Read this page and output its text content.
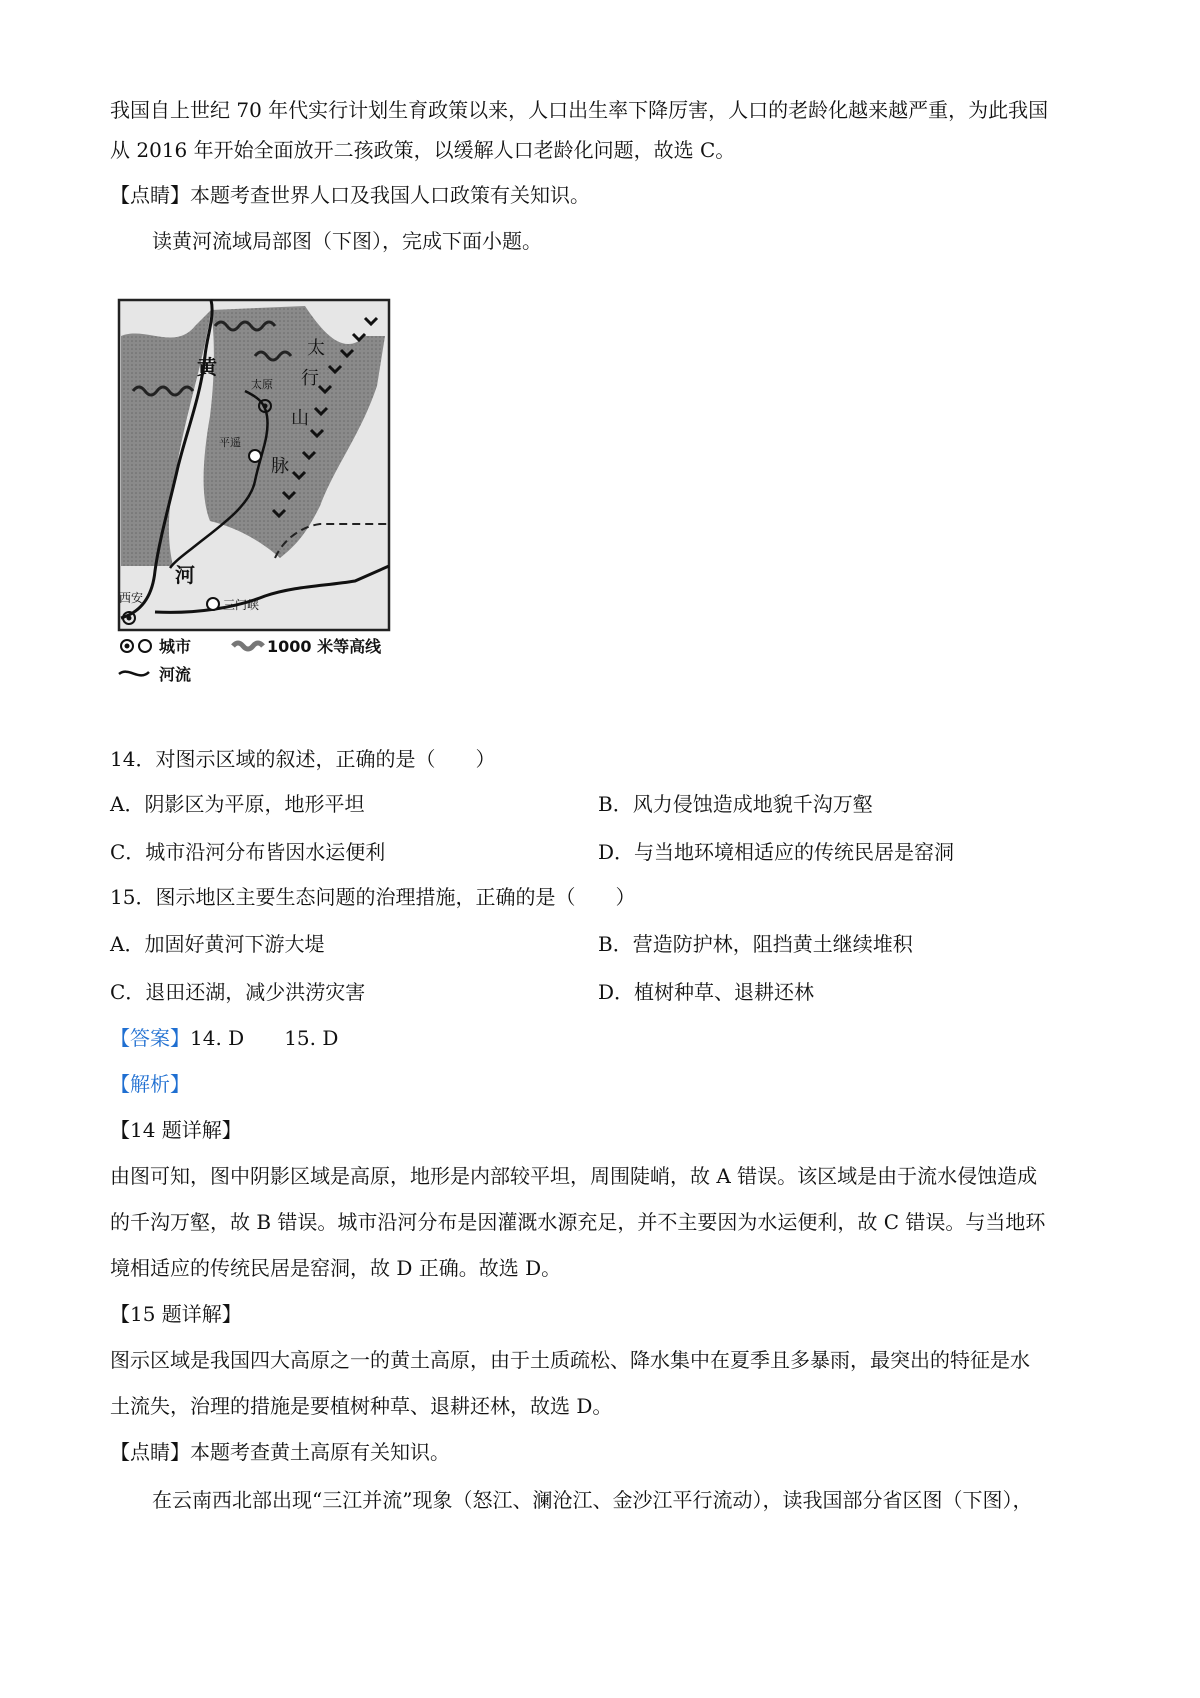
我国自上世纪 70 年代实行计划生育政策以来，人口出生率下降厉害，人口的老龄化越来越严重，为此我国
从 2016 年开始全面放开二孩政策，以缓解人口老龄化问题，故选 C。
【点睛】本题考查世界人口及我国人口政策有关知识。
读黄河流域局部图（下图），完成下面小题。
黄
河
太
行
山
脉
太原
平遥
西安	三门峡
城市	1000 米等高线
河流
14．对图示区域的叙述，正确的是（　　）
A．阴影区为平原，地形平坦	B．风力侵蚀造成地貌千沟万壑
C．城市沿河分布皆因水运便利	D．与当地环境相适应的传统民居是窑洞
15．图示地区主要生态问题的治理措施，正确的是（　　）
A．加固好黄河下游大堤	B．营造防护林，阻挡黄土继续堆积
C．退田还湖，减少洪涝灾害	D．植树种草、退耕还林
【答案】14. D　　15. D
【解析】
【14 题详解】
由图可知，图中阴影区域是高原，地形是内部较平坦，周围陡峭，故 A 错误。该区域是由于流水侵蚀造成
的千沟万壑，故 B 错误。城市沿河分布是因灌溉水源充足，并不主要因为水运便利，故 C 错误。与当地环
境相适应的传统民居是窑洞，故 D 正确。故选 D。
【15 题详解】
图示区域是我国四大高原之一的黄土高原，由于土质疏松、降水集中在夏季且多暴雨，最突出的特征是水
土流失，治理的措施是要植树种草、退耕还林，故选 D。
【点睛】本题考查黄土高原有关知识。
在云南西北部出现“三江并流”现象（怒江、澜沧江、金沙江平行流动），读我国部分省区图（下图），
